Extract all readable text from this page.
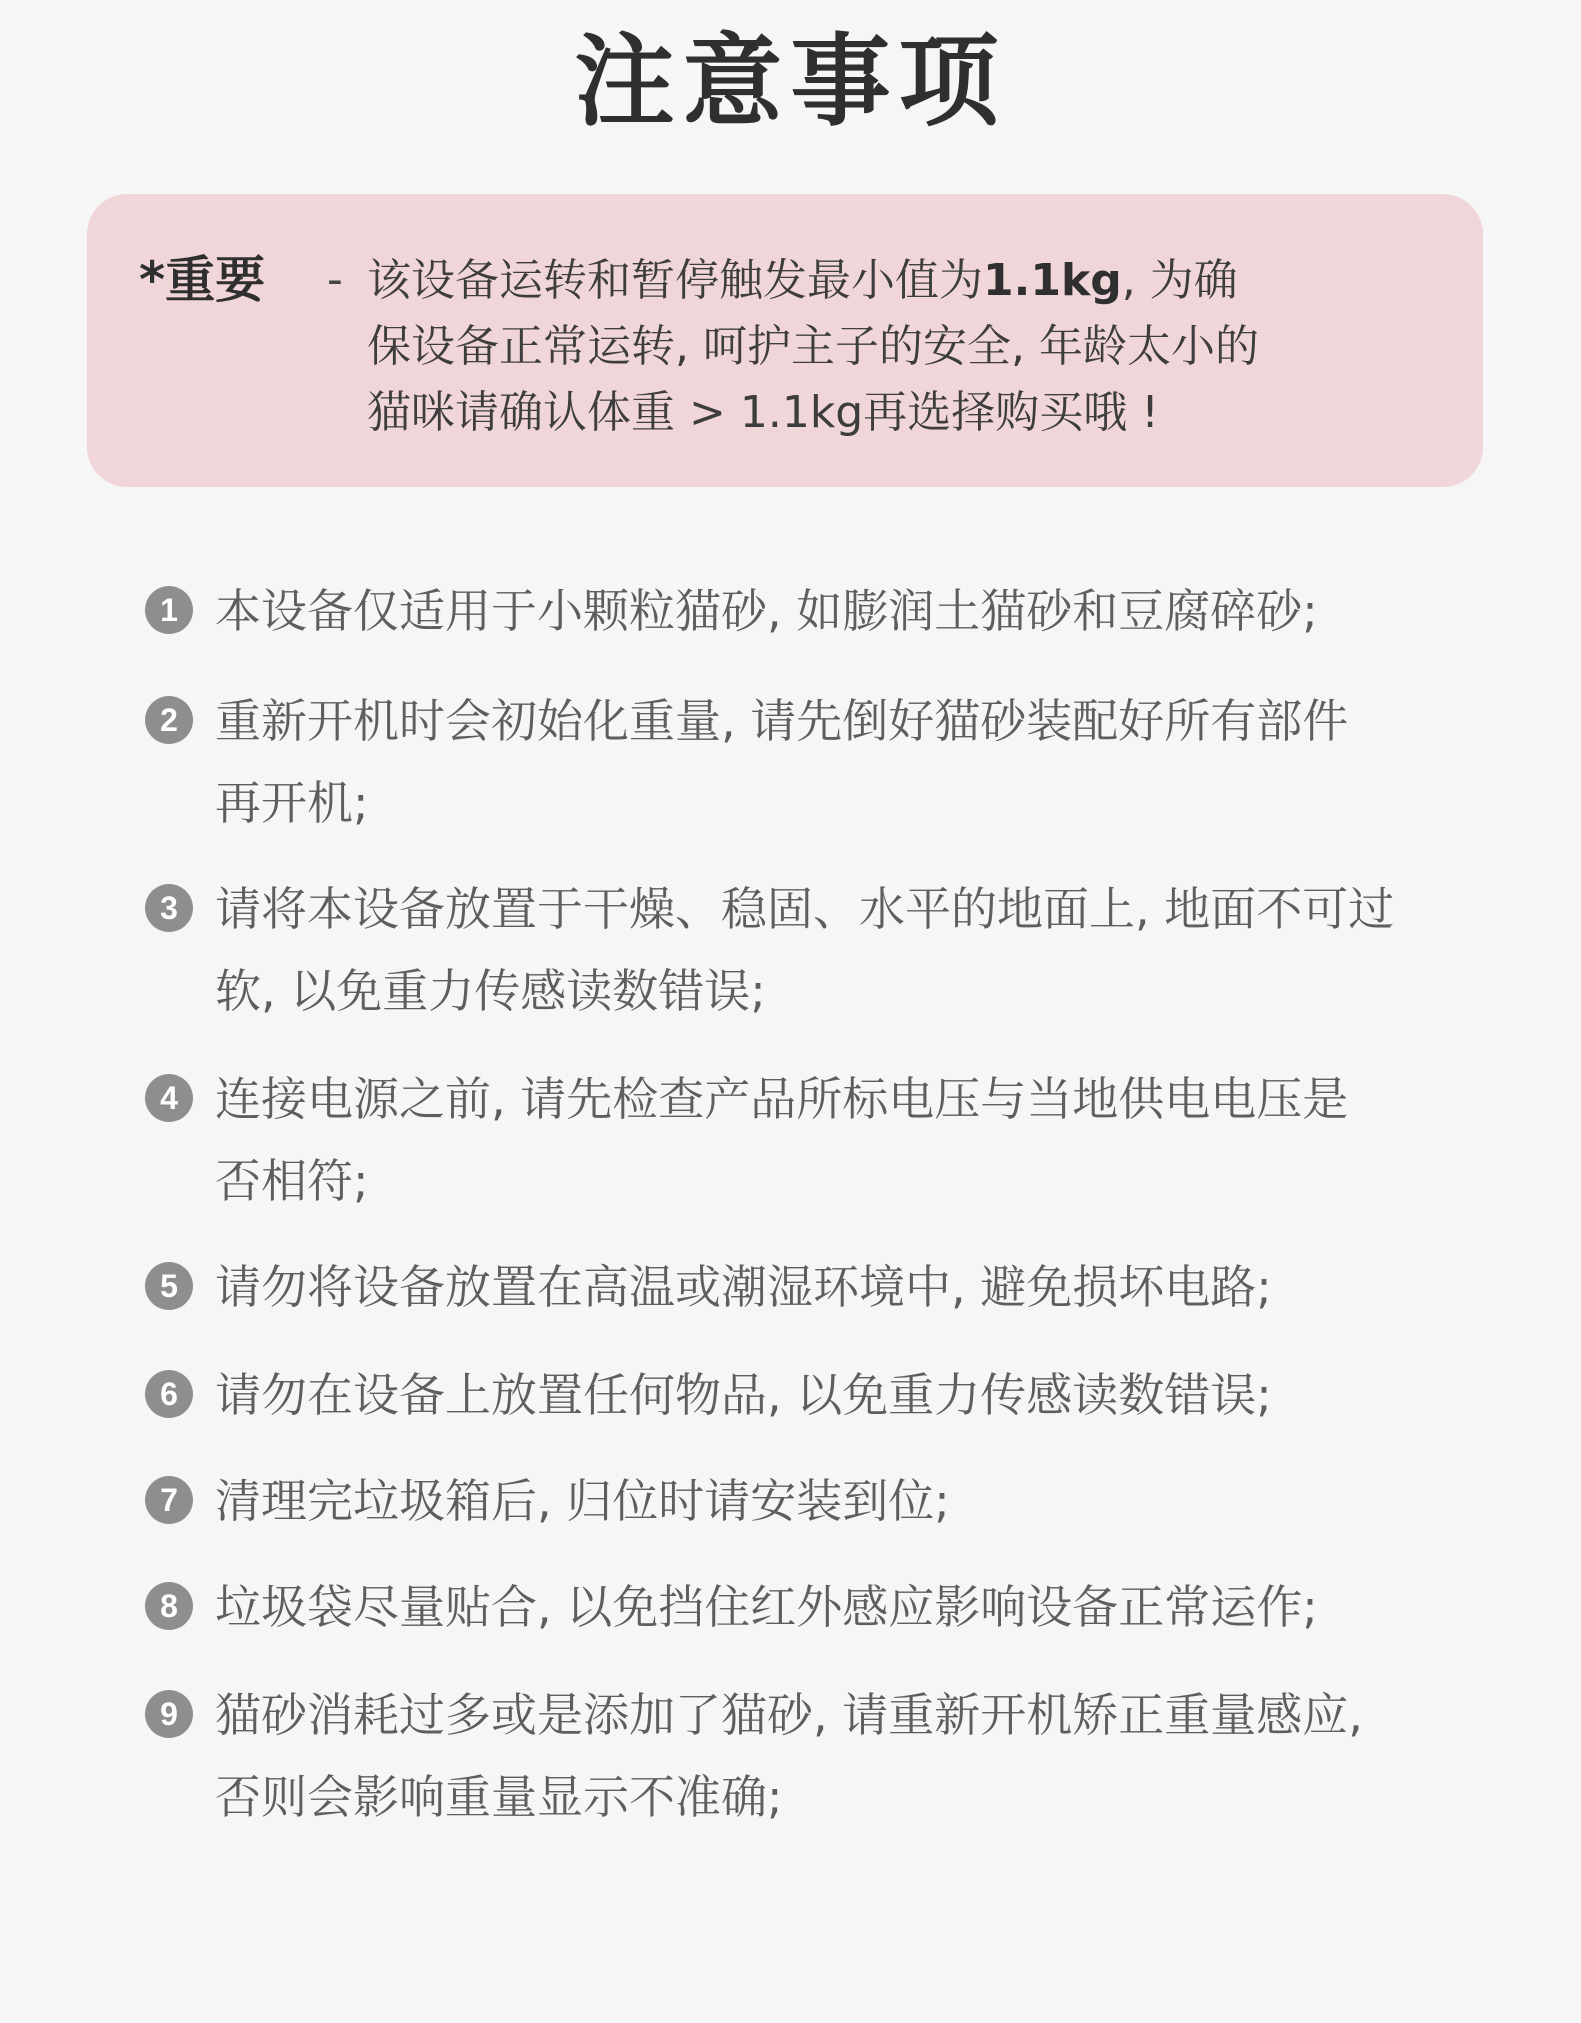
注意事项
*重要 - 该设备运转和暂停触发最小值为1.1kg, 为确
保设备正常运转, 呵护主子的安全, 年龄太小的
猫咪请确认体重 > 1.1kg再选择购买哦 !
1 本设备仅适用于小颗粒猫砂, 如膨润土猫砂和豆腐碎砂;
2 重新开机时会初始化重量, 请先倒好猫砂装配好所有部件
再开机;
3 请将本设备放置于干燥、稳固、水平的地面上, 地面不可过
软, 以免重力传感读数错误;
4 连接电源之前, 请先检查产品所标电压与当地供电电压是
否相符;
5 请勿将设备放置在高温或潮湿环境中, 避免损坏电路;
6 请勿在设备上放置任何物品, 以免重力传感读数错误;
7 清理完垃圾箱后, 归位时请安装到位;
8 垃圾袋尽量贴合, 以免挡住红外感应影响设备正常运作;
9 猫砂消耗过多或是添加了猫砂, 请重新开机矫正重量感应,
否则会影响重量显示不准确;
